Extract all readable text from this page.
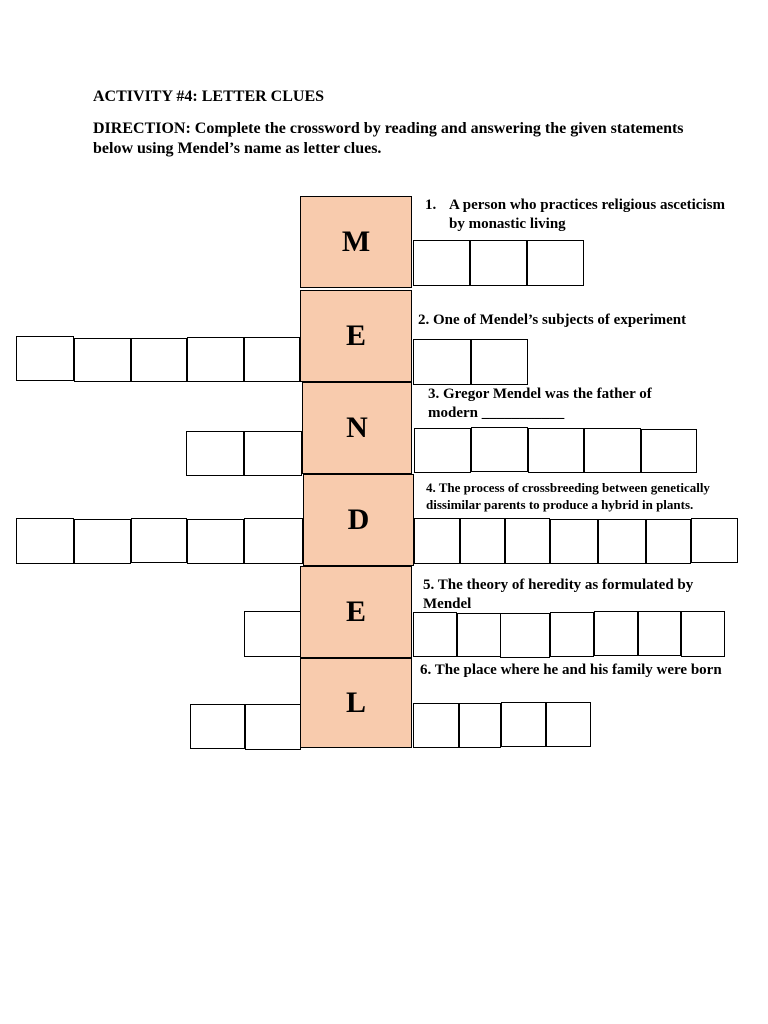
ACTIVITY #4: LETTER CLUES

DIRECTION: Complete the crossword by reading and answering the given statements below using Mendel’s name as letter clues.

M
E
N
D
E
L
1. A person who practices religious asceticism by monastic living

2. One of Mendel’s subjects of experiment

3. Gregor Mendel was the father of modern ___________

4. The process of crossbreeding between genetically dissimilar parents to produce a hybrid in plants.

5. The theory of heredity as formulated by Mendel

6. The place where he and his family were born
